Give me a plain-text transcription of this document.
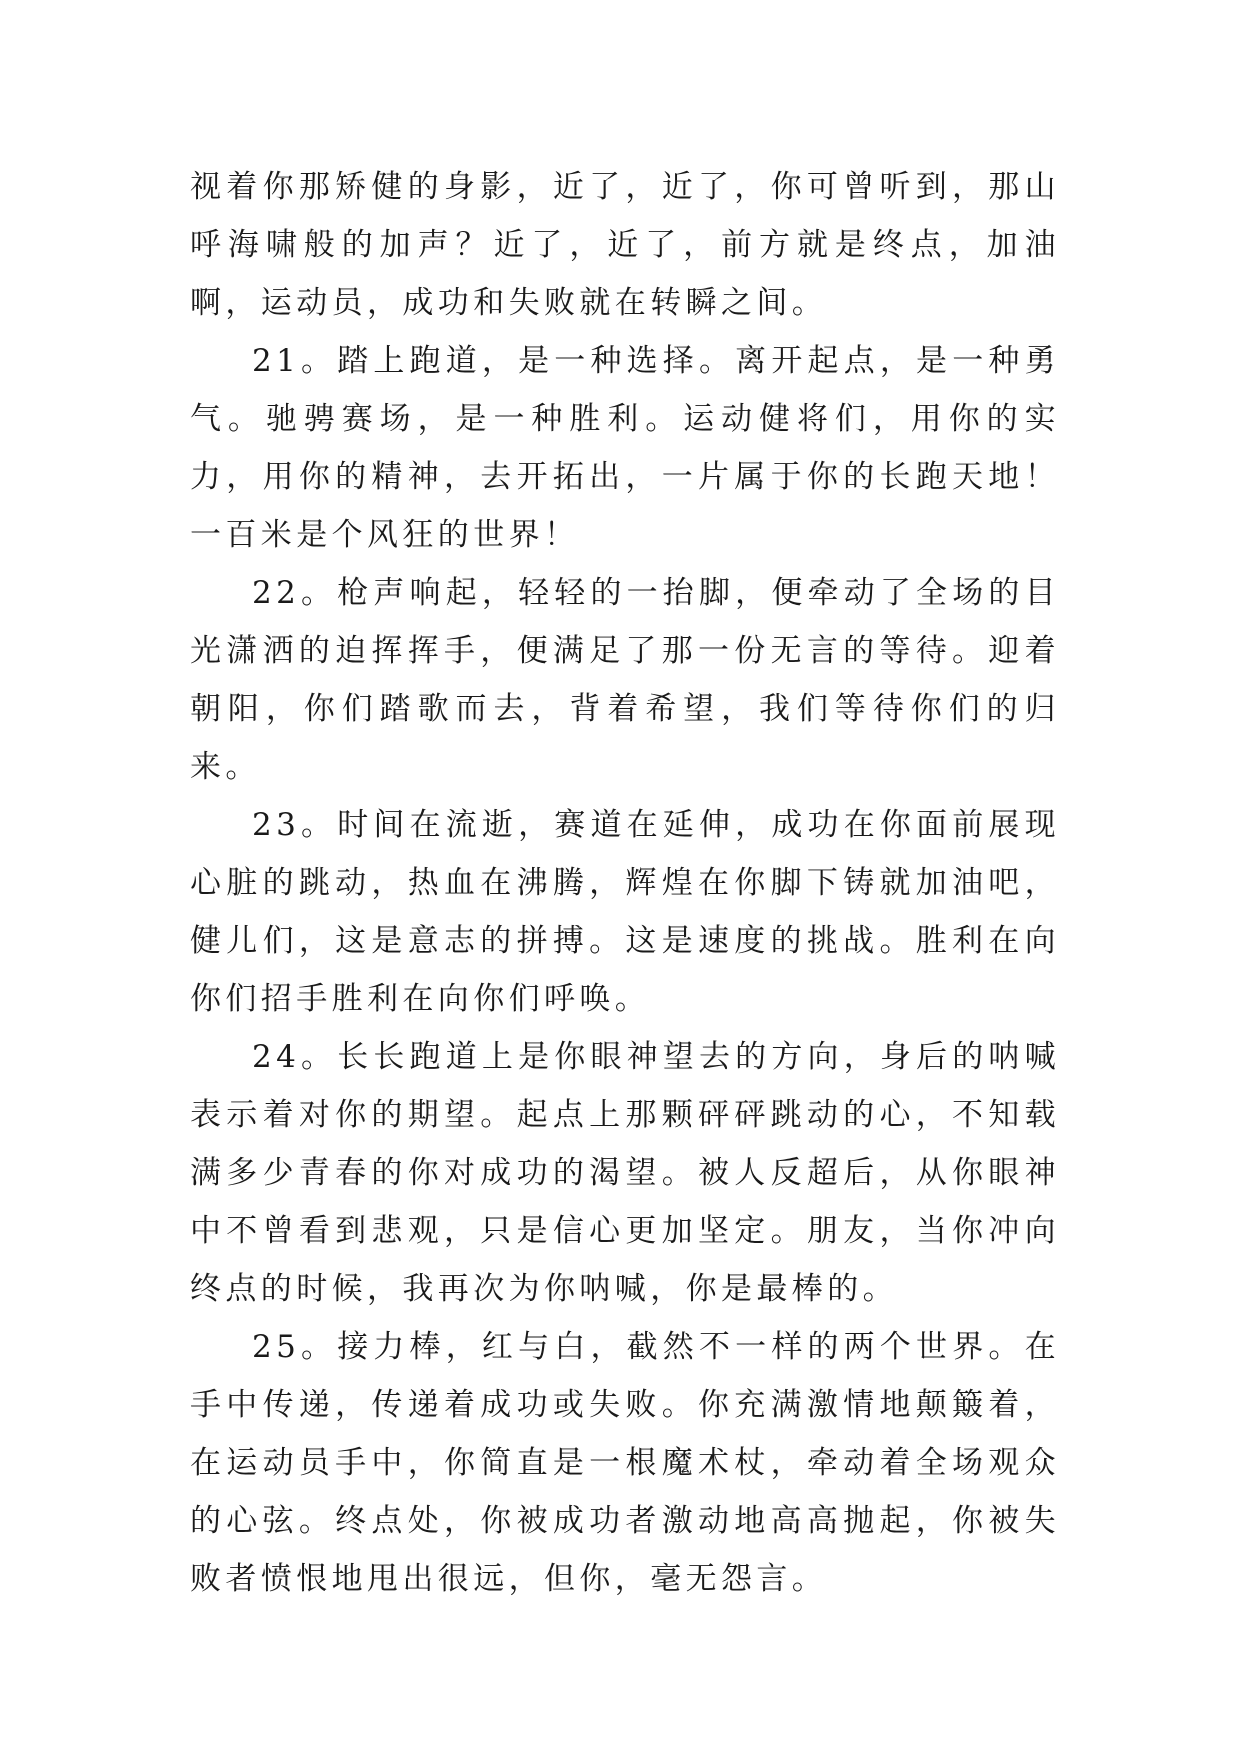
视着你那矫健的身影，近了，近了，你可曾听到，那山呼海啸般的加声？近了，近了，前方就是终点，加油啊，运动员，成功和失败就在转瞬之间。

21。踏上跑道，是一种选择。离开起点，是一种勇气。驰骋赛场，是一种胜利。运动健将们，用你的实力，用你的精神，去开拓出，一片属于你的长跑天地！一百米是个风狂的世界！

22。枪声响起，轻轻的一抬脚，便牵动了全场的目光潇洒的迫挥挥手，便满足了那一份无言的等待。迎着朝阳，你们踏歌而去，背着希望，我们等待你们的归来。

23。时间在流逝，赛道在延伸，成功在你面前展现心脏的跳动，热血在沸腾，辉煌在你脚下铸就加油吧，健儿们，这是意志的拼搏。这是速度的挑战。胜利在向你们招手胜利在向你们呼唤。

24。长长跑道上是你眼神望去的方向，身后的呐喊表示着对你的期望。起点上那颗砰砰跳动的心，不知载满多少青春的你对成功的渴望。被人反超后，从你眼神中不曾看到悲观，只是信心更加坚定。朋友，当你冲向终点的时候，我再次为你呐喊，你是最棒的。

25。接力棒，红与白，截然不一样的两个世界。在手中传递，传递着成功或失败。你充满激情地颠簸着，在运动员手中，你简直是一根魔术杖，牵动着全场观众的心弦。终点处，你被成功者激动地高高抛起，你被失败者愤恨地甩出很远，但你，毫无怨言。
